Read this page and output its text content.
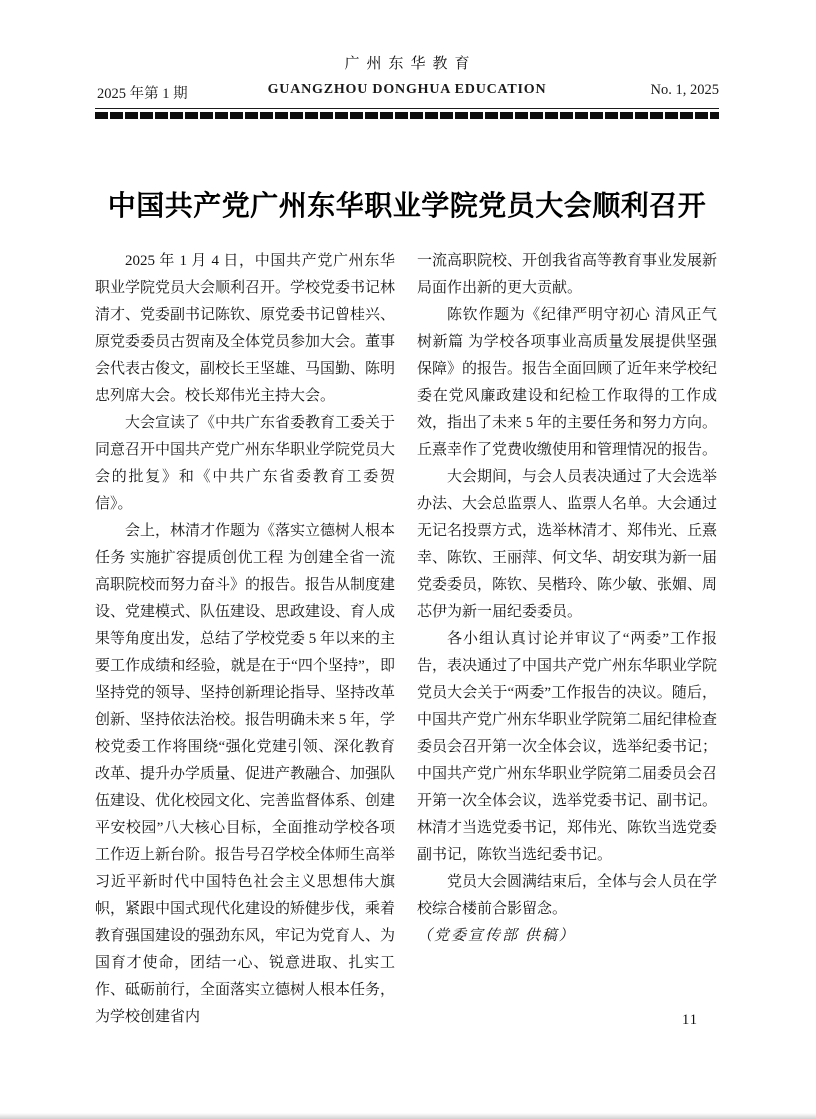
广州东华教育
2025 年第 1 期	GUANGZHOU DONGHUA EDUCATION	No. 1, 2025
中国共产党广州东华职业学院党员大会顺利召开

2025 年 1 月 4 日，中国共产党广州东华职业学院党员大会顺利召开。学校党委书记林清才、党委副书记陈钦、原党委书记曾桂兴、原党委委员古贺南及全体党员参加大会。董事会代表古俊文，副校长王坚雄、马国勤、陈明忠列席大会。校长郑伟光主持大会。

大会宣读了《中共广东省委教育工委关于同意召开中国共产党广州东华职业学院党员大会的批复》和《中共广东省委教育工委贺信》。

会上，林清才作题为《落实立德树人根本任务 实施扩容提质创优工程 为创建全省一流高职院校而努力奋斗》的报告。报告从制度建设、党建模式、队伍建设、思政建设、育人成果等角度出发，总结了学校党委 5 年以来的主要工作成绩和经验，就是在于“四个坚持”，即坚持党的领导、坚持创新理论指导、坚持改革创新、坚持依法治校。报告明确未来 5 年，学校党委工作将围绕“强化党建引领、深化教育改革、提升办学质量、促进产教融合、加强队伍建设、优化校园文化、完善监督体系、创建平安校园”八大核心目标，全面推动学校各项工作迈上新台阶。报告号召学校全体师生高举习近平新时代中国特色社会主义思想伟大旗帜，紧跟中国式现代化建设的矫健步伐，乘着教育强国建设的强劲东风，牢记为党育人、为国育才使命，团结一心、锐意进取、扎实工作、砥砺前行，全面落实立德树人根本任务，为学校创建省内

一流高职院校、开创我省高等教育事业发展新局面作出新的更大贡献。

陈钦作题为《纪律严明守初心 清风正气树新篇 为学校各项事业高质量发展提供坚强保障》的报告。报告全面回顾了近年来学校纪委在党风廉政建设和纪检工作取得的工作成效，指出了未来 5 年的主要任务和努力方向。丘熹幸作了党费收缴使用和管理情况的报告。

大会期间，与会人员表决通过了大会选举办法、大会总监票人、监票人名单。大会通过无记名投票方式，选举林清才、郑伟光、丘熹幸、陈钦、王丽萍、何文华、胡安琪为新一届党委委员，陈钦、吴楷玲、陈少敏、张媚、周芯伊为新一届纪委委员。

各小组认真讨论并审议了“两委”工作报告，表决通过了中国共产党广州东华职业学院党员大会关于“两委”工作报告的决议。随后，中国共产党广州东华职业学院第二届纪律检查委员会召开第一次全体会议，选举纪委书记；中国共产党广州东华职业学院第二届委员会召开第一次全体会议，选举党委书记、副书记。林清才当选党委书记，郑伟光、陈钦当选党委副书记，陈钦当选纪委书记。

党员大会圆满结束后，全体与会人员在学校综合楼前合影留念。

（党委宣传部 供稿）

11
